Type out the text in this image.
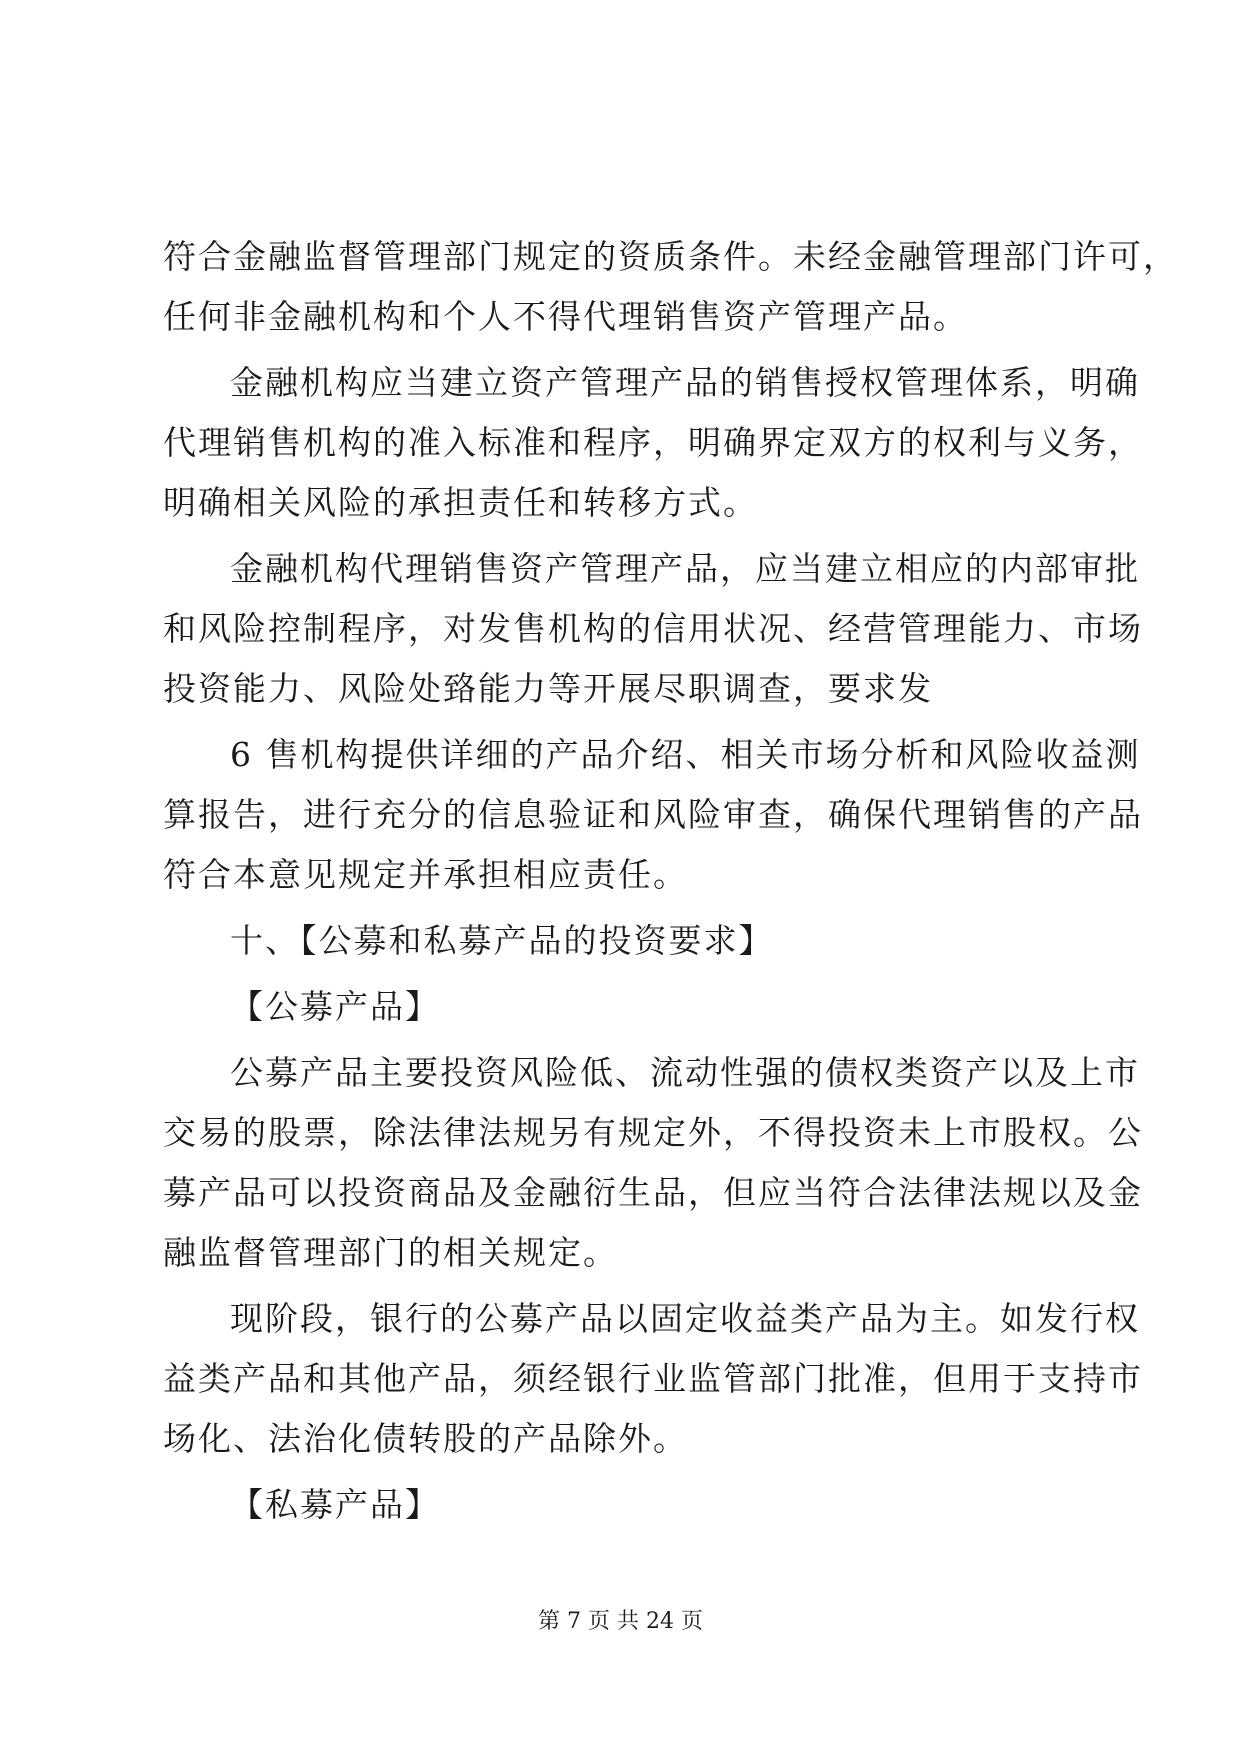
符合金融监督管理部门规定的资质条件。未经金融管理部门许可，
任何非金融机构和个人不得代理销售资产管理产品。
金融机构应当建立资产管理产品的销售授权管理体系，明确
代理销售机构的准入标准和程序，明确界定双方的权利与义务，
明确相关风险的承担责任和转移方式。
金融机构代理销售资产管理产品，应当建立相应的内部审批
和风险控制程序，对发售机构的信用状况、经营管理能力、市场
投资能力、风险处臵能力等开展尽职调查，要求发
6 售机构提供详细的产品介绍、相关市场分析和风险收益测
算报告，进行充分的信息验证和风险审查，确保代理销售的产品
符合本意见规定并承担相应责任。
十、【公募和私募产品的投资要求】
【公募产品】
公募产品主要投资风险低、流动性强的债权类资产以及上市
交易的股票，除法律法规另有规定外，不得投资未上市股权。公
募产品可以投资商品及金融衍生品，但应当符合法律法规以及金
融监督管理部门的相关规定。
现阶段，银行的公募产品以固定收益类产品为主。如发行权
益类产品和其他产品，须经银行业监管部门批准，但用于支持市
场化、法治化债转股的产品除外。
【私募产品】
第 7 页 共 24 页
